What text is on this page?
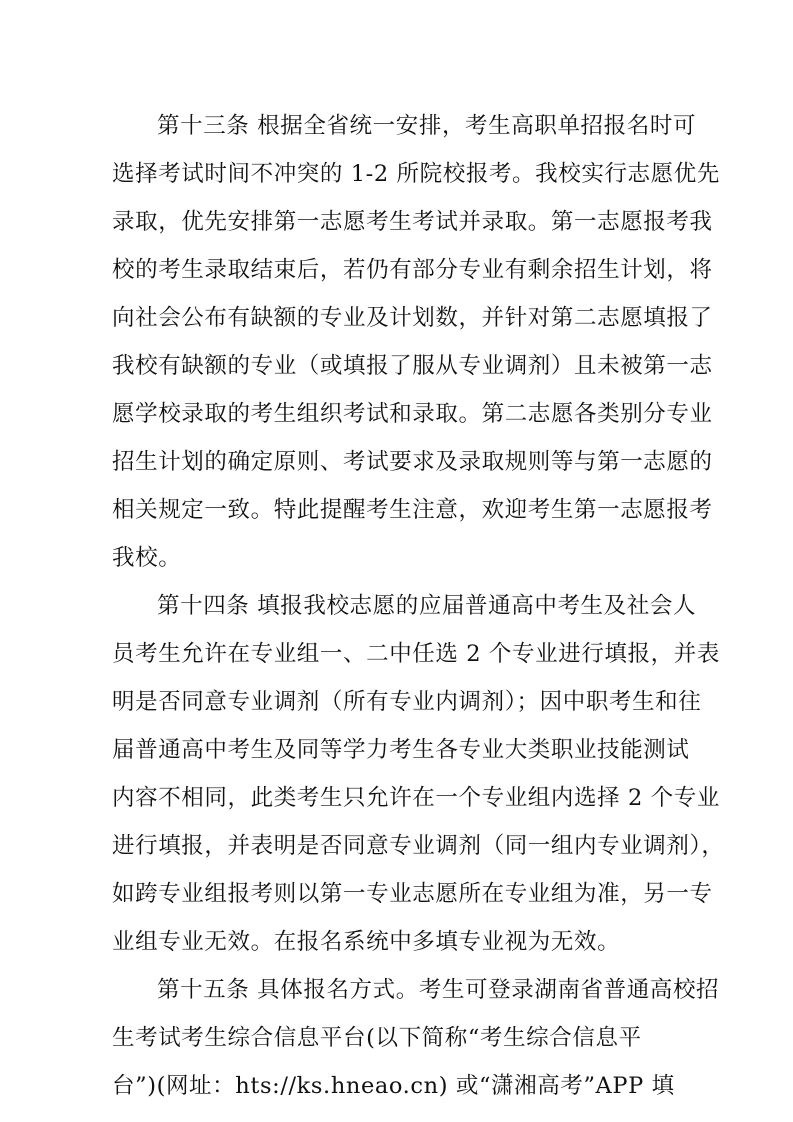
第十三条 根据全省统一安排，考生高职单招报名时可
选择考试时间不冲突的 1-2 所院校报考。我校实行志愿优先
录取，优先安排第一志愿考生考试并录取。第一志愿报考我
校的考生录取结束后，若仍有部分专业有剩余招生计划，将
向社会公布有缺额的专业及计划数，并针对第二志愿填报了
我校有缺额的专业（或填报了服从专业调剂）且未被第一志
愿学校录取的考生组织考试和录取。第二志愿各类别分专业
招生计划的确定原则、考试要求及录取规则等与第一志愿的
相关规定一致。特此提醒考生注意，欢迎考生第一志愿报考
我校。
第十四条 填报我校志愿的应届普通高中考生及社会人
员考生允许在专业组一、二中任选 2 个专业进行填报，并表
明是否同意专业调剂（所有专业内调剂）；因中职考生和往
届普通高中考生及同等学力考生各专业大类职业技能测试
内容不相同，此类考生只允许在一个专业组内选择 2 个专业
进行填报，并表明是否同意专业调剂（同一组内专业调剂），
如跨专业组报考则以第一专业志愿所在专业组为准，另一专
业组专业无效。在报名系统中多填专业视为无效。
第十五条 具体报名方式。考生可登录湖南省普通高校招
生考试考生综合信息平台(以下简称“考生综合信息平
台”)(网址：hts://ks.hneao.cn) 或“潇湘高考”APP 填
